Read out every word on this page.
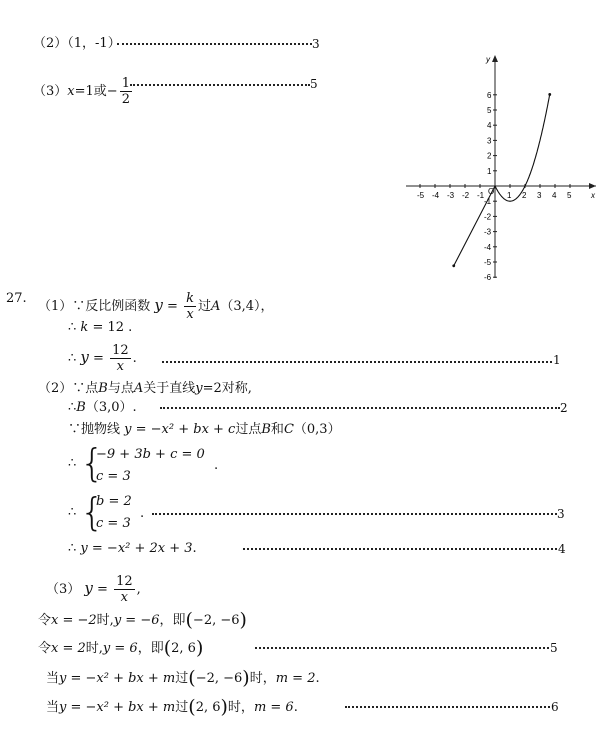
（2）（1，-1）	3
（3）x=1或− $\frac{1}{2}$	5
x
y
O
-5 -4 -3 -2 -1	1 2 3 4 5
6
5
4
3
2
1
-1
-2
-3
-4
-5
-6
27.
（1）∵反比例函数 $y = \frac{k}{x}$ 过A（3,4），
∴ k = 12 .
∴ $y = \frac{12}{x}$ .	1
（2）∵点B与点A关于直线y=2对称,
∴B（3,0）.	2
∵抛物线 y = −x² + bx + c过点B和C（0,3）
∴ {
−9 + 3b + c = 0
c = 3
.
∴ {
b = 2
c = 3
.	3
∴ y = −x² + 2x + 3.	4
（3） $y = \frac{12}{x}$ ,
令x = −2时,y = −6，即(−2, −6)
令x = 2时,y = 6，即(2, 6)	5
当y = −x² + bx + m过(−2, −6)时，m = 2.
当y = −x² + bx + m过(2, 6)时，m = 6.	6
